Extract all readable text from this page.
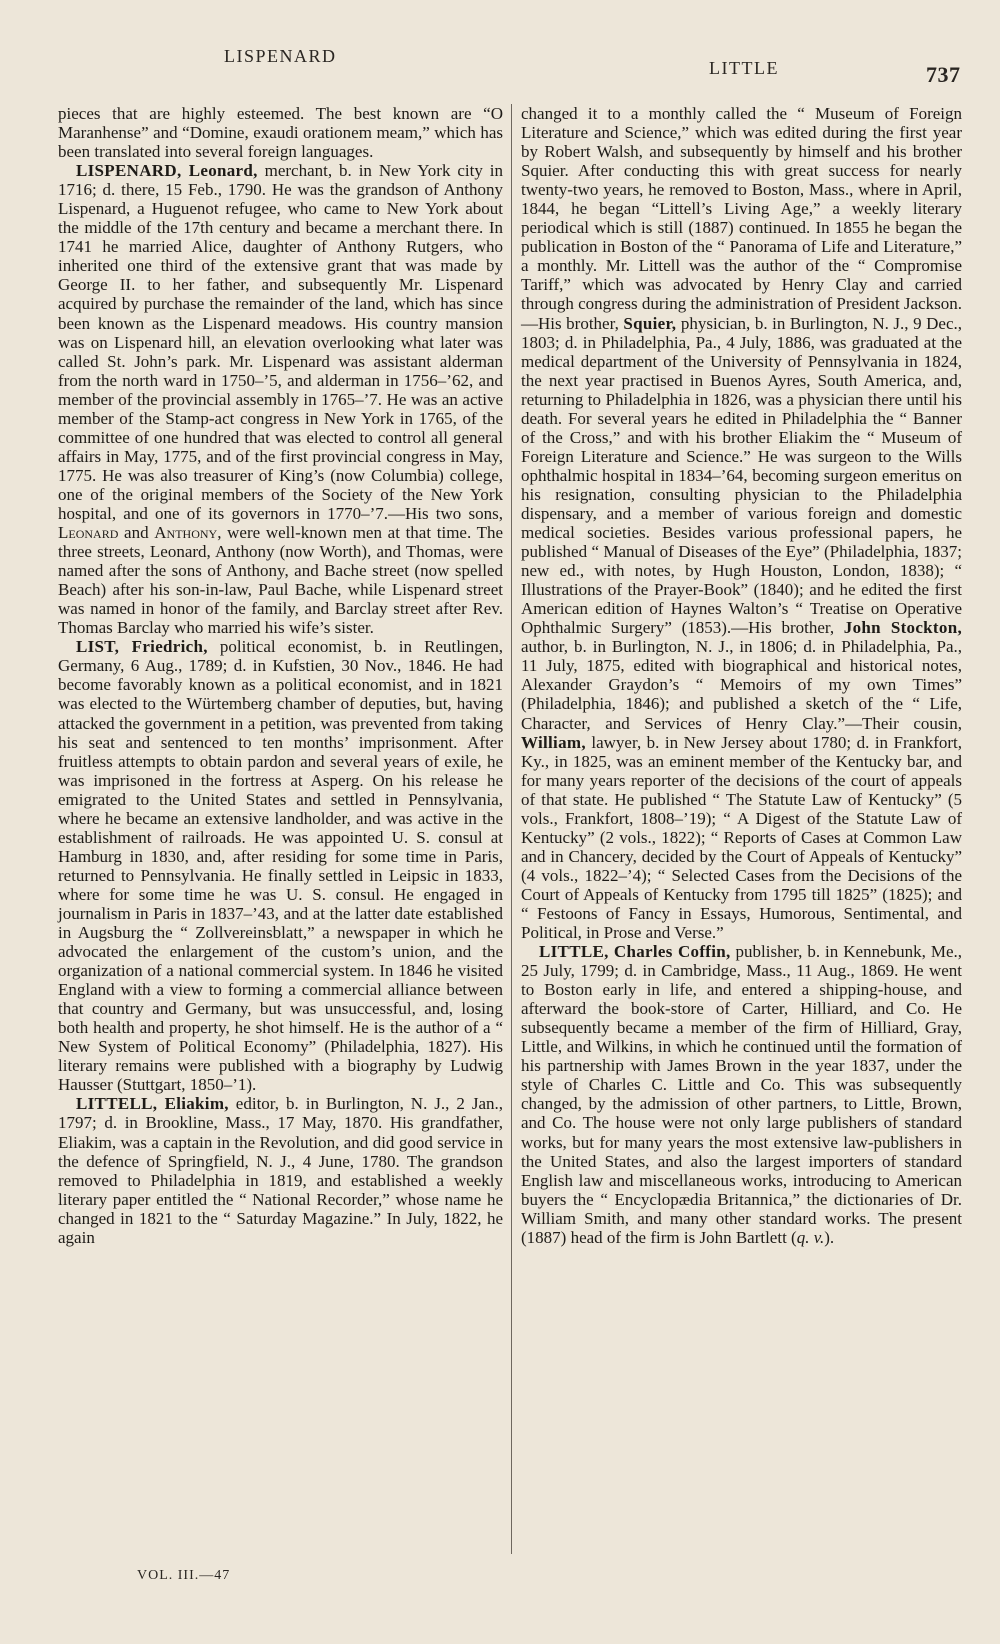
LISPENARD
LITTLE	737

pieces that are highly esteemed. The best known are “O Maranhense” and “Domine, exaudi orationem meam,” which has been translated into several foreign languages.

LISPENARD, Leonard, merchant, b. in New York city in 1716; d. there, 15 Feb., 1790. He was the grandson of Anthony Lispenard, a Huguenot refugee, who came to New York about the middle of the 17th century and became a merchant there. In 1741 he married Alice, daughter of Anthony Rutgers, who inherited one third of the extensive grant that was made by George II. to her father, and subsequently Mr. Lispenard acquired by purchase the remainder of the land, which has since been known as the Lispenard meadows. His country mansion was on Lispenard hill, an elevation overlooking what later was called St. John’s park. Mr. Lispenard was assistant alderman from the north ward in 1750–’5, and alderman in 1756–’62, and member of the provincial assembly in 1765–’7. He was an active member of the Stamp-act congress in New York in 1765, of the committee of one hundred that was elected to control all general affairs in May, 1775, and of the first provincial congress in May, 1775. He was also treasurer of King’s (now Columbia) college, one of the original members of the Society of the New York hospital, and one of its governors in 1770–’7.—His two sons, Leonard and Anthony, were well-known men at that time. The three streets, Leonard, Anthony (now Worth), and Thomas, were named after the sons of Anthony, and Bache street (now spelled Beach) after his son-in-law, Paul Bache, while Lispenard street was named in honor of the family, and Barclay street after Rev. Thomas Barclay who married his wife’s sister.

LIST, Friedrich, political economist, b. in Reutlingen, Germany, 6 Aug., 1789; d. in Kufstien, 30 Nov., 1846. He had become favorably known as a political economist, and in 1821 was elected to the Würtemberg chamber of deputies, but, having attacked the government in a petition, was prevented from taking his seat and sentenced to ten months’ imprisonment. After fruitless attempts to obtain pardon and several years of exile, he was imprisoned in the fortress at Asperg. On his release he emigrated to the United States and settled in Pennsylvania, where he became an extensive landholder, and was active in the establishment of railroads. He was appointed U. S. consul at Hamburg in 1830, and, after residing for some time in Paris, returned to Pennsylvania. He finally settled in Leipsic in 1833, where for some time he was U. S. consul. He engaged in journalism in Paris in 1837–’43, and at the latter date established in Augsburg the “ Zollvereinsblatt,” a newspaper in which he advocated the enlargement of the custom’s union, and the organization of a national commercial system. In 1846 he visited England with a view to forming a commercial alliance between that country and Germany, but was unsuccessful, and, losing both health and property, he shot himself. He is the author of a “ New System of Political Economy” (Philadelphia, 1827). His literary remains were published with a biography by Ludwig Hausser (Stuttgart, 1850–’1).

LITTELL, Eliakim, editor, b. in Burlington, N. J., 2 Jan., 1797; d. in Brookline, Mass., 17 May, 1870. His grandfather, Eliakim, was a captain in the Revolution, and did good service in the defence of Springfield, N. J., 4 June, 1780. The grandson removed to Philadelphia in 1819, and established a weekly literary paper entitled the “ National Recorder,” whose name he changed in 1821 to the “ Saturday Magazine.” In July, 1822, he again

changed it to a monthly called the “ Museum of Foreign Literature and Science,” which was edited during the first year by Robert Walsh, and subsequently by himself and his brother Squier. After conducting this with great success for nearly twenty-two years, he removed to Boston, Mass., where in April, 1844, he began “Littell’s Living Age,” a weekly literary periodical which is still (1887) continued. In 1855 he began the publication in Boston of the “ Panorama of Life and Literature,” a monthly. Mr. Littell was the author of the “ Compromise Tariff,” which was advocated by Henry Clay and carried through congress during the administration of President Jackson.—His brother, Squier, physician, b. in Burlington, N. J., 9 Dec., 1803; d. in Philadelphia, Pa., 4 July, 1886, was graduated at the medical department of the University of Pennsylvania in 1824, the next year practised in Buenos Ayres, South America, and, returning to Philadelphia in 1826, was a physician there until his death. For several years he edited in Philadelphia the “ Banner of the Cross,” and with his brother Eliakim the “ Museum of Foreign Literature and Science.” He was surgeon to the Wills ophthalmic hospital in 1834–’64, becoming surgeon emeritus on his resignation, consulting physician to the Philadelphia dispensary, and a member of various foreign and domestic medical societies. Besides various professional papers, he published “ Manual of Diseases of the Eye” (Philadelphia, 1837; new ed., with notes, by Hugh Houston, London, 1838); “ Illustrations of the Prayer-Book” (1840); and he edited the first American edition of Haynes Walton’s “ Treatise on Operative Ophthalmic Surgery” (1853).—His brother, John Stockton, author, b. in Burlington, N. J., in 1806; d. in Philadelphia, Pa., 11 July, 1875, edited with biographical and historical notes, Alexander Graydon’s “ Memoirs of my own Times” (Philadelphia, 1846); and published a sketch of the “ Life, Character, and Services of Henry Clay.”—Their cousin, William, lawyer, b. in New Jersey about 1780; d. in Frankfort, Ky., in 1825, was an eminent member of the Kentucky bar, and for many years reporter of the decisions of the court of appeals of that state. He published “ The Statute Law of Kentucky” (5 vols., Frankfort, 1808–’19); “ A Digest of the Statute Law of Kentucky” (2 vols., 1822); “ Reports of Cases at Common Law and in Chancery, decided by the Court of Appeals of Kentucky” (4 vols., 1822–’4); “ Selected Cases from the Decisions of the Court of Appeals of Kentucky from 1795 till 1825” (1825); and “ Festoons of Fancy in Essays, Humorous, Sentimental, and Political, in Prose and Verse.”

LITTLE, Charles Coffin, publisher, b. in Kennebunk, Me., 25 July, 1799; d. in Cambridge, Mass., 11 Aug., 1869. He went to Boston early in life, and entered a shipping-house, and afterward the book-store of Carter, Hilliard, and Co. He subsequently became a member of the firm of Hilliard, Gray, Little, and Wilkins, in which he continued until the formation of his partnership with James Brown in the year 1837, under the style of Charles C. Little and Co. This was subsequently changed, by the admission of other partners, to Little, Brown, and Co. The house were not only large publishers of standard works, but for many years the most extensive law-publishers in the United States, and also the largest importers of standard English law and miscellaneous works, introducing to American buyers the “ Encyclopædia Britannica,” the dictionaries of Dr. William Smith, and many other standard works. The present (1887) head of the firm is John Bartlett (q. v.).

VOL. III.—47
